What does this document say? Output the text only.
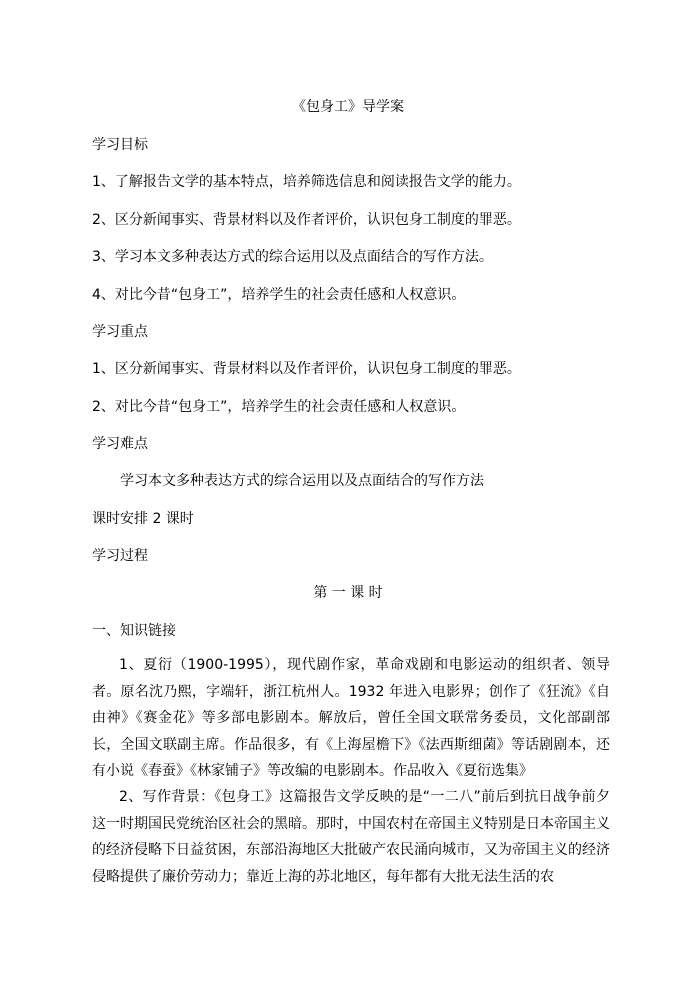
《包身工》导学案
学习目标
1、了解报告文学的基本特点，培养筛选信息和阅读报告文学的能力。
2、区分新闻事实、背景材料以及作者评价，认识包身工制度的罪恶。
3、学习本文多种表达方式的综合运用以及点面结合的写作方法。
4、对比今昔“包身工”，培养学生的社会责任感和人权意识。
学习重点
1、区分新闻事实、背景材料以及作者评价，认识包身工制度的罪恶。
2、对比今昔“包身工”，培养学生的社会责任感和人权意识。
学习难点
学习本文多种表达方式的综合运用以及点面结合的写作方法
课时安排 2 课时
学习过程
第 一 课 时
一、知识链接
1、夏衍（1900-1995），现代剧作家，革命戏剧和电影运动的组织者、领导者。原名沈乃熙，字端轩，浙江杭州人。1932 年进入电影界；创作了《狂流》《自由神》《赛金花》等多部电影剧本。解放后，曾任全国文联常务委员，文化部副部长，全国文联副主席。作品很多，有《上海屋檐下》《法西斯细菌》等话剧剧本，还有小说《春蚕》《林家铺子》等改编的电影剧本。作品收入《夏衍选集》
2、写作背景：《包身工》这篇报告文学反映的是“一二八”前后到抗日战争前夕这一时期国民党统治区社会的黑暗。那时，中国农村在帝国主义特别是日本帝国主义的经济侵略下日益贫困，东部沿海地区大批破产农民涌向城市，又为帝国主义的经济侵略提供了廉价劳动力；靠近上海的苏北地区，每年都有大批无法生活的农
